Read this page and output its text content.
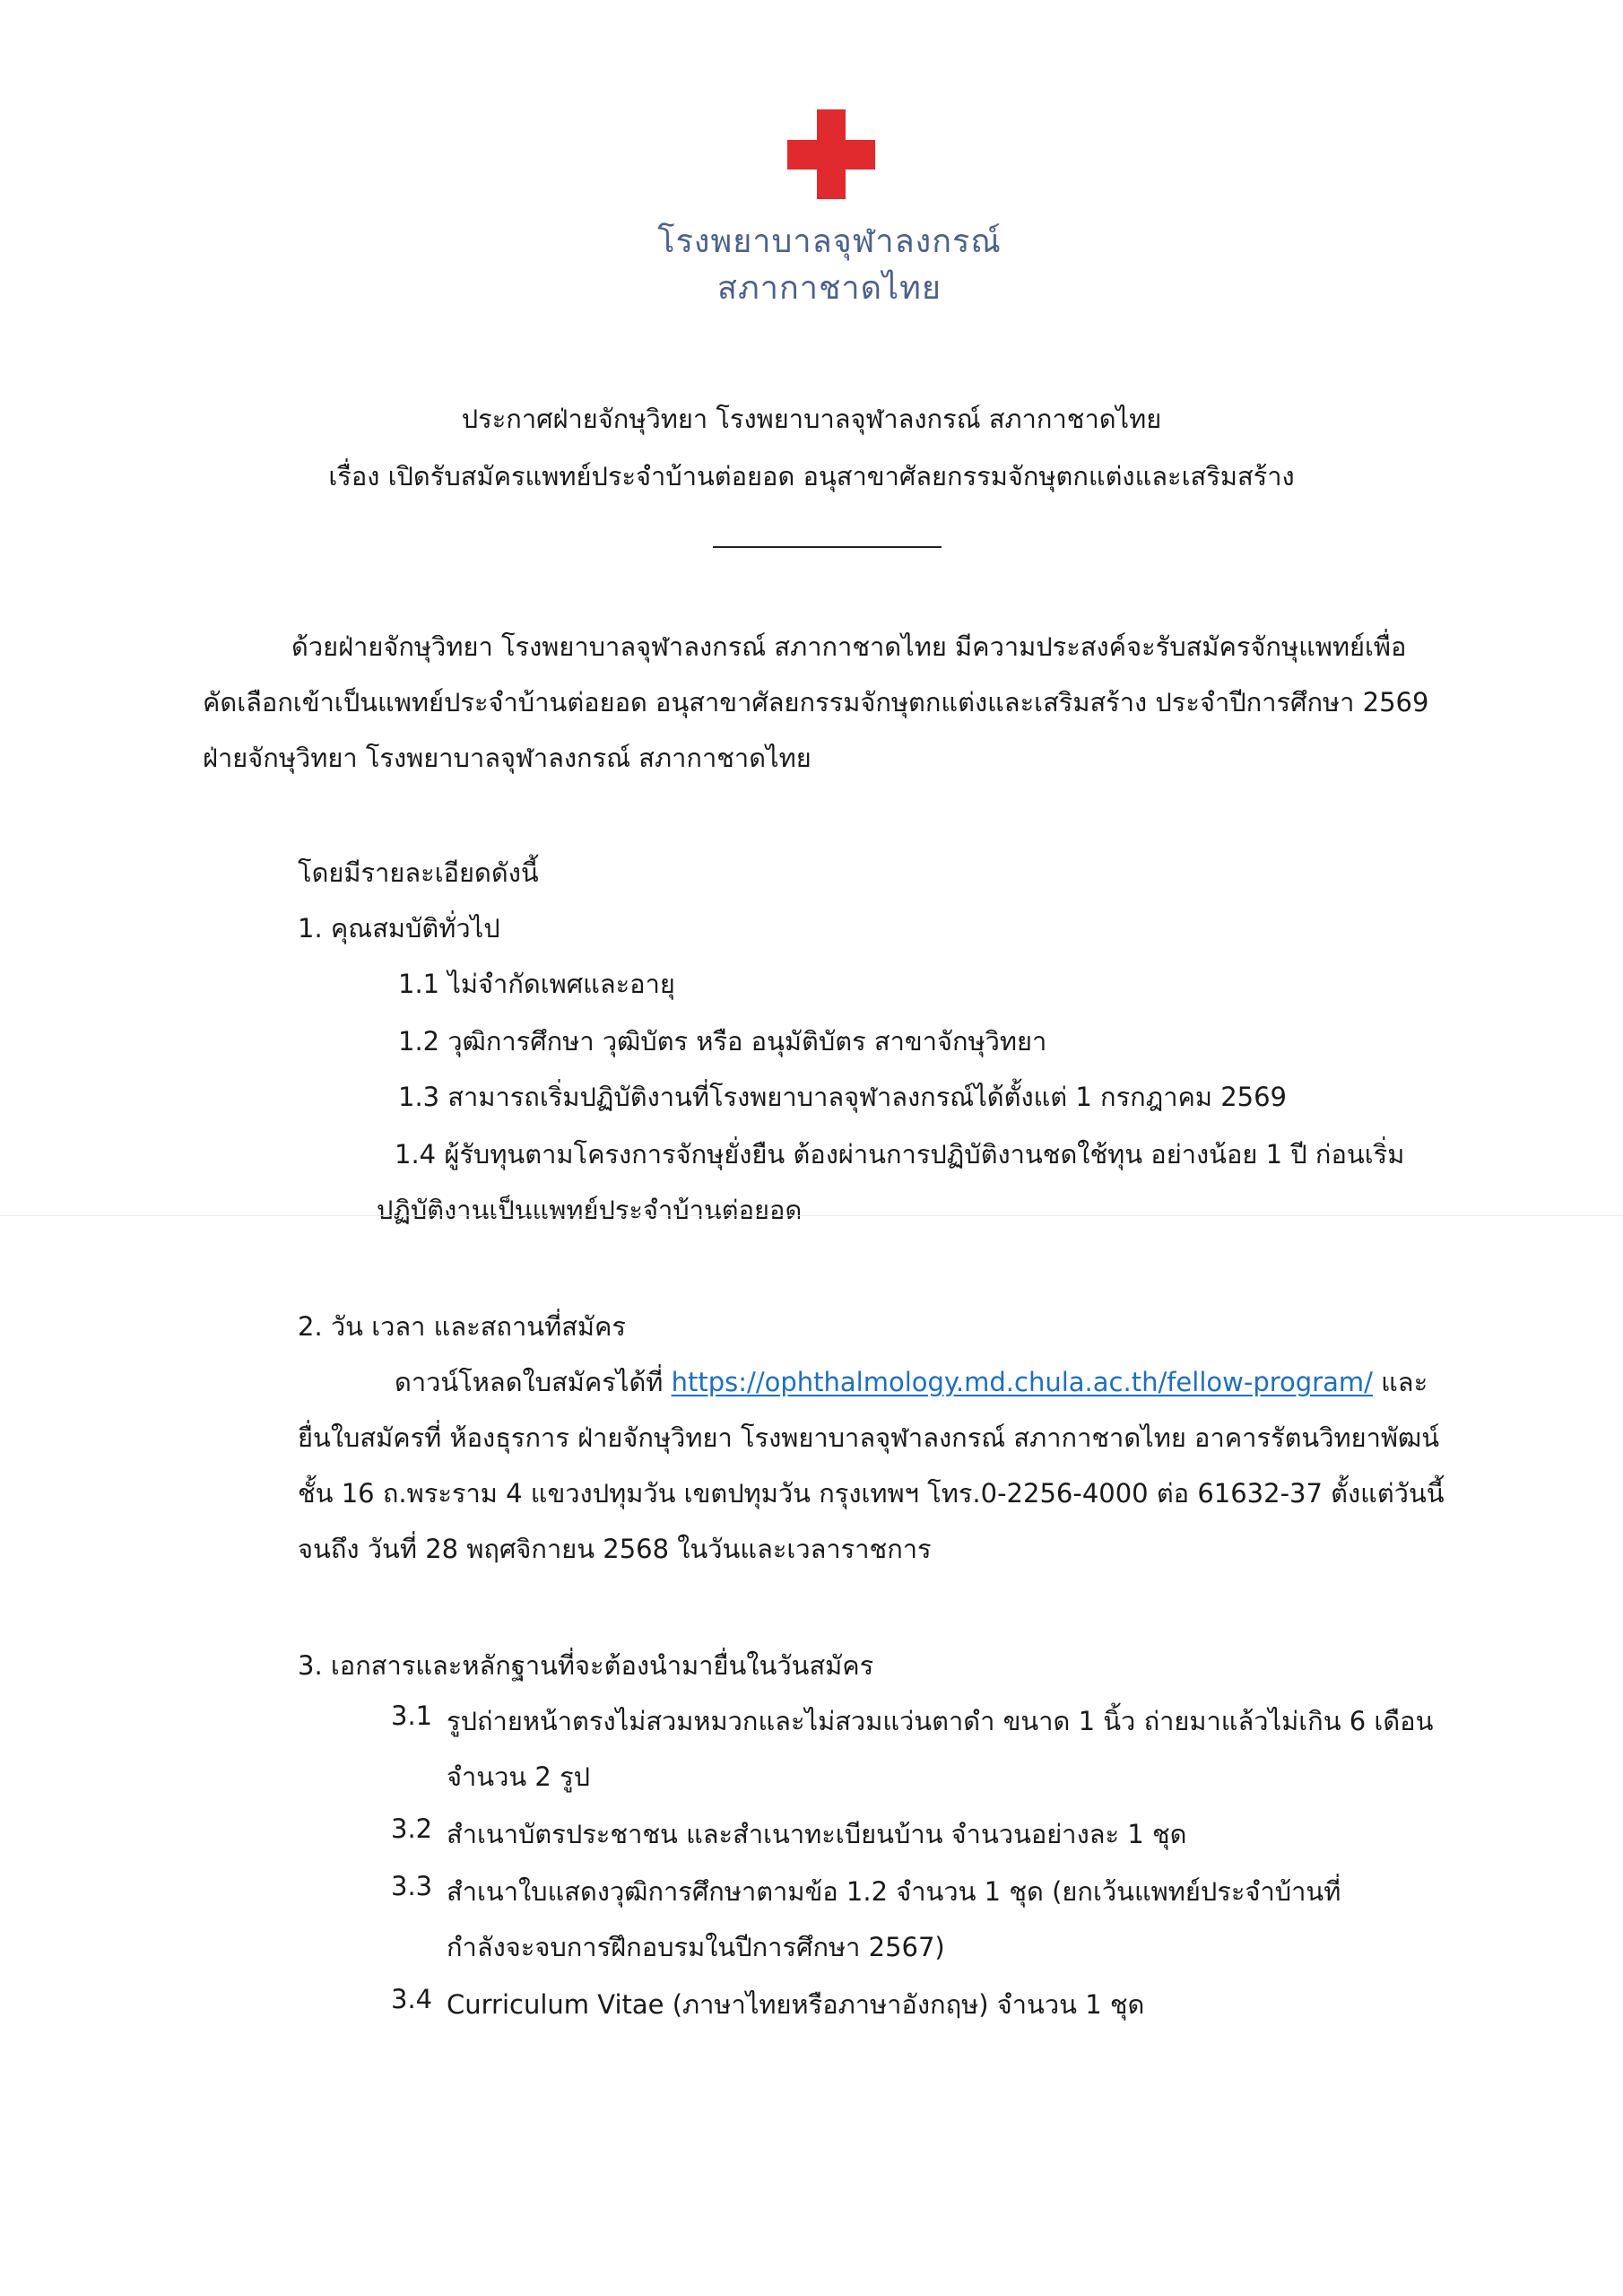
โรงพยาบาลจุฬาลงกรณ์
สภากาชาดไทย
ประกาศฝ่ายจักษุวิทยา โรงพยาบาลจุฬาลงกรณ์ สภากาชาดไทย
เรื่อง เปิดรับสมัครแพทย์ประจำบ้านต่อยอด อนุสาขาศัลยกรรมจักษุตกแต่งและเสริมสร้าง
ด้วยฝ่ายจักษุวิทยา โรงพยาบาลจุฬาลงกรณ์ สภากาชาดไทย มีความประสงค์จะรับสมัครจักษุแพทย์เพื่อ
คัดเลือกเข้าเป็นแพทย์ประจำบ้านต่อยอด อนุสาขาศัลยกรรมจักษุตกแต่งและเสริมสร้าง ประจำปีการศึกษา 2569
ฝ่ายจักษุวิทยา โรงพยาบาลจุฬาลงกรณ์ สภากาชาดไทย
โดยมีรายละเอียดดังนี้
1. คุณสมบัติทั่วไป
1.1 ไม่จำกัดเพศและอายุ
1.2 วุฒิการศึกษา วุฒิบัตร หรือ อนุมัติบัตร สาขาจักษุวิทยา
1.3 สามารถเริ่มปฏิบัติงานที่โรงพยาบาลจุฬาลงกรณ์ได้ตั้งแต่ 1 กรกฎาคม 2569
1.4 ผู้รับทุนตามโครงการจักษุยั่งยืน ต้องผ่านการปฏิบัติงานชดใช้ทุน อย่างน้อย 1 ปี ก่อนเริ่ม
ปฏิบัติงานเป็นแพทย์ประจำบ้านต่อยอด
2. วัน เวลา และสถานที่สมัคร
ดาวน์โหลดใบสมัครได้ที่ https://ophthalmology.md.chula.ac.th/fellow-program/ และ
ยื่นใบสมัครที่ ห้องธุรการ ฝ่ายจักษุวิทยา โรงพยาบาลจุฬาลงกรณ์ สภากาชาดไทย อาคารรัตนวิทยาพัฒน์
ชั้น 16 ถ.พระราม 4 แขวงปทุมวัน เขตปทุมวัน กรุงเทพฯ โทร.0-2256-4000 ต่อ 61632-37 ตั้งแต่วันนี้
จนถึง วันที่ 28 พฤศจิกายน 2568 ในวันและเวลาราชการ
3. เอกสารและหลักฐานที่จะต้องนำมายื่นในวันสมัคร
3.1 รูปถ่ายหน้าตรงไม่สวมหมวกและไม่สวมแว่นตาดำ ขนาด 1 นิ้ว ถ่ายมาแล้วไม่เกิน 6 เดือน
จำนวน 2 รูป
3.2 สำเนาบัตรประชาชน และสำเนาทะเบียนบ้าน จำนวนอย่างละ 1 ชุด
3.3 สำเนาใบแสดงวุฒิการศึกษาตามข้อ 1.2 จำนวน 1 ชุด (ยกเว้นแพทย์ประจำบ้านที่
กำลังจะจบการฝึกอบรมในปีการศึกษา 2567)
3.4 Curriculum Vitae (ภาษาไทยหรือภาษาอังกฤษ) จำนวน 1 ชุด
